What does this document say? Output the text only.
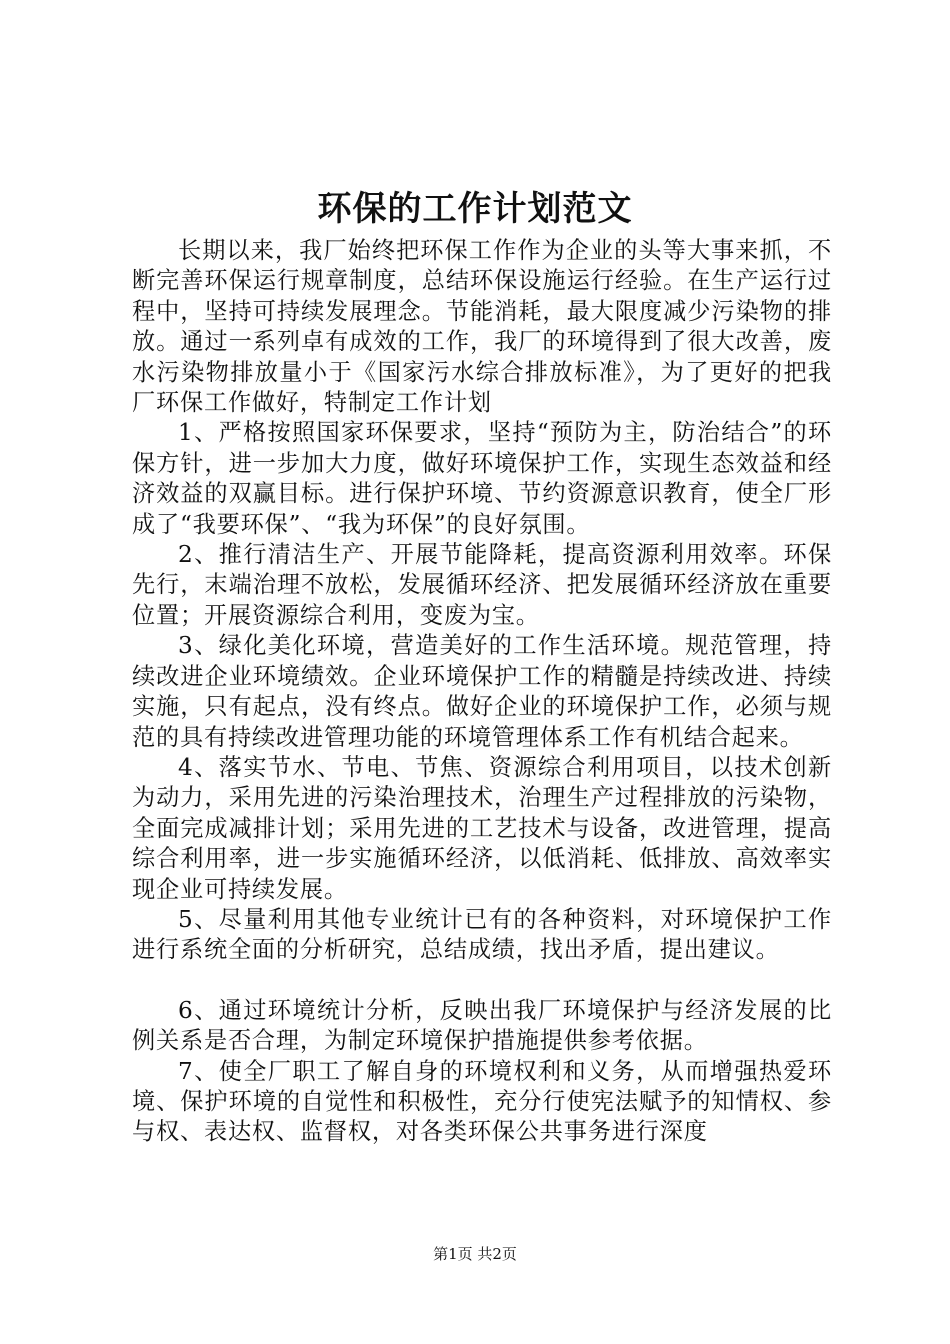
环保的工作计划范文

长期以来，我厂始终把环保工作作为企业的头等大事来抓，不断完善环保运行规章制度，总结环保设施运行经验。在生产运行过程中，坚持可持续发展理念。节能消耗，最大限度减少污染物的排放。通过一系列卓有成效的工作，我厂的环境得到了很大改善，废水污染物排放量小于《国家污水综合排放标准》，为了更好的把我厂环保工作做好，特制定工作计划

1、严格按照国家环保要求，坚持“预防为主，防治结合”的环保方针，进一步加大力度，做好环境保护工作，实现生态效益和经济效益的双赢目标。进行保护环境、节约资源意识教育，使全厂形成了“我要环保”、“我为环保”的良好氛围。

2、推行清洁生产、开展节能降耗，提高资源利用效率。环保先行，末端治理不放松，发展循环经济、把发展循环经济放在重要位置；开展资源综合利用，变废为宝。

3、绿化美化环境，营造美好的工作生活环境。规范管理，持续改进企业环境绩效。企业环境保护工作的精髓是持续改进、持续实施，只有起点，没有终点。做好企业的环境保护工作，必须与规范的具有持续改进管理功能的环境管理体系工作有机结合起来。

4、落实节水、节电、节焦、资源综合利用项目，以技术创新为动力，采用先进的污染治理技术，治理生产过程排放的污染物，全面完成减排计划；采用先进的工艺技术与设备，改进管理，提高综合利用率，进一步实施循环经济，以低消耗、低排放、高效率实现企业可持续发展。

5、尽量利用其他专业统计已有的各种资料，对环境保护工作进行系统全面的分析研究，总结成绩，找出矛盾，提出建议。

6、通过环境统计分析，反映出我厂环境保护与经济发展的比例关系是否合理，为制定环境保护措施提供参考依据。

7、使全厂职工了解自身的环境权利和义务，从而增强热爱环境、保护环境的自觉性和积极性，充分行使宪法赋予的知情权、参与权、表达权、监督权，对各类环保公共事务进行深度

第1页 共2页
